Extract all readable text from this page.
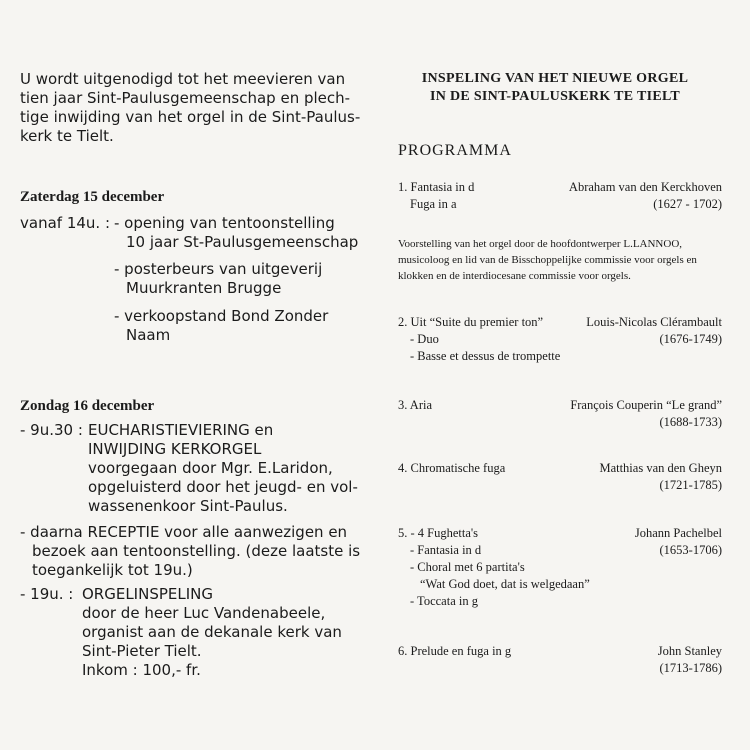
U wordt uitgenodigd tot het meevieren van
tien jaar Sint-Paulusgemeenschap en plech-
tige inwijding van het orgel in de Sint-Paulus-
kerk te Tielt.
Zaterdag 15 december
vanaf 14u. : - opening van tentoonstelling
10 jaar St-Paulusgemeenschap
- posterbeurs van uitgeverij
Muurkranten Brugge
- verkoopstand Bond Zonder
Naam
Zondag 16 december
- 9u.30 : EUCHARISTIEVIERING en
INWIJDING KERKORGEL
voorgegaan door Mgr. E.Laridon,
opgeluisterd door het jeugd- en vol-
wassenenkoor Sint-Paulus.
- daarna RECEPTIE voor alle aanwezigen en
bezoek aan tentoonstelling. (deze laatste is
toegankelijk tot 19u.)
- 19u. : ORGELINSPELING
door de heer Luc Vandenabeele,
organist aan de dekanale kerk van
Sint-Pieter Tielt.
Inkom : 100,- fr.
INSPELING VAN HET NIEUWE ORGEL
IN DE SINT-PAULUSKERK TE TIELT
PROGRAMMA
1. Fantasia in d	Abraham van den Kerckhoven
Fuga in a	(1627 - 1702)
Voorstelling van het orgel door de hoofdontwerper L.LANNOO, musicoloog en lid van de Bisschoppelijke commissie voor orgels en klokken en de interdiocesane commissie voor orgels.
2. Uit “Suite du premier ton”	Louis-Nicolas Clérambault
- Duo	(1676-1749)
- Basse et dessus de trompette
3. Aria	François Couperin “Le grand”
(1688-1733)
4. Chromatische fuga	Matthias van den Gheyn
(1721-1785)
5. - 4 Fughetta's	Johann Pachelbel
- Fantasia in d	(1653-1706)
- Choral met 6 partita's
“Wat God doet, dat is welgedaan”
- Toccata in g
6. Prelude en fuga in g	John Stanley
(1713-1786)
